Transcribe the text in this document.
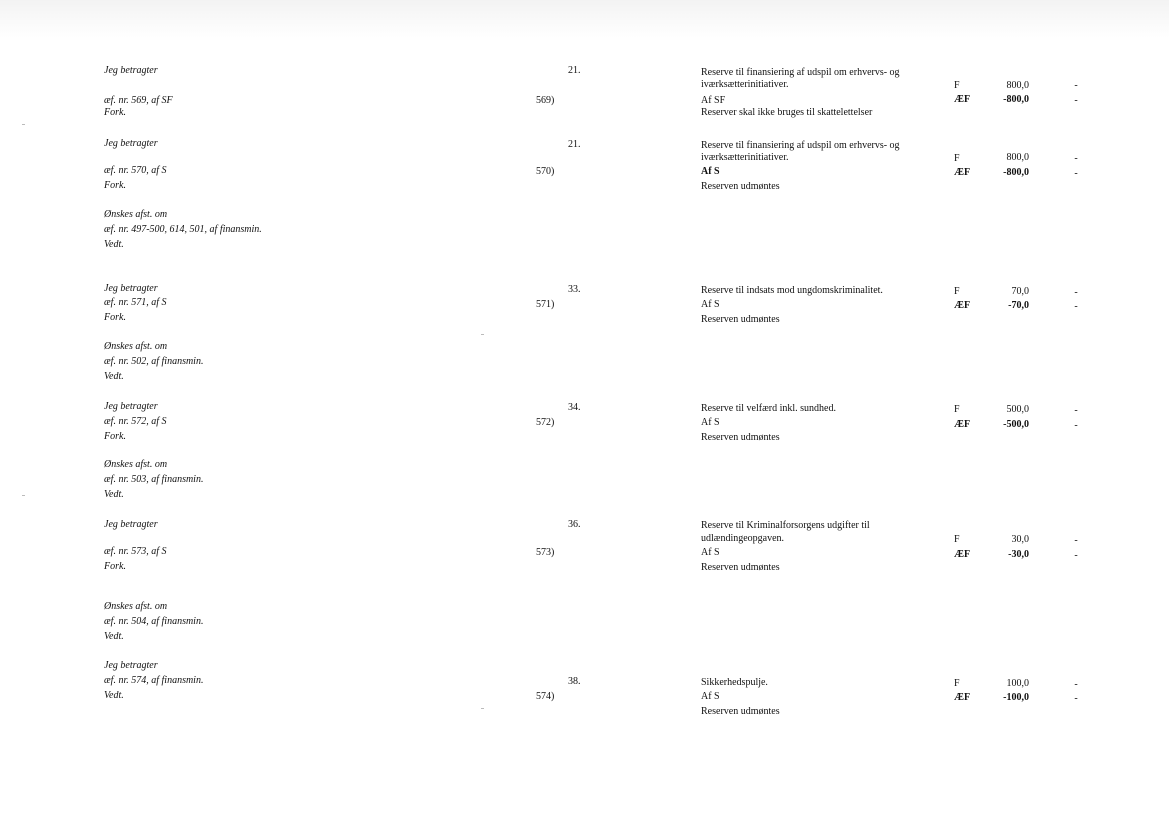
Jeg betragter
æf. nr. 569, af SF
Fork.
569)
21.	Reserve til finansiering af udspil om erhvervs- og
iværksætterinitiativer.
Af SF
Reserver skal ikke bruges til skattelettelser
F	800,0	-
ÆF	-800,0	-
Jeg betragter
æf. nr. 570, af S
Fork.
570)
21.	Reserve til finansiering af udspil om erhvervs- og
iværksætterinitiativer.
Af S
Reserven udmøntes
F	800,0	-
ÆF	-800,0	-
Ønskes afst. om
æf. nr. 497-500, 614, 501, af finansmin.
Vedt.
Jeg betragter
æf. nr. 571, af S
Fork.
571)
33.	Reserve til indsats mod ungdomskriminalitet.
Af S
Reserven udmøntes
F	70,0	-
ÆF	-70,0	-
Ønskes afst. om
æf. nr. 502, af finansmin.
Vedt.
Jeg betragter
æf. nr. 572, af S
Fork.
572)
34.	Reserve til velfærd inkl. sundhed.
Af S
Reserven udmøntes
F	500,0	-
ÆF	-500,0	-
Ønskes afst. om
æf. nr. 503, af finansmin.
Vedt.
Jeg betragter
æf. nr. 573, af S
Fork.
573)
36.	Reserve til Kriminalforsorgens udgifter til
udlændingeopgaven.
Af S
Reserven udmøntes
F	30,0	-
ÆF	-30,0	-
Ønskes afst. om
æf. nr. 504, af finansmin.
Vedt.
Jeg betragter
æf. nr. 574, af finansmin.
Vedt.	574)
38.	Sikkerhedspulje.
Af S
Reserven udmøntes
F	100,0	-
ÆF	-100,0	-
